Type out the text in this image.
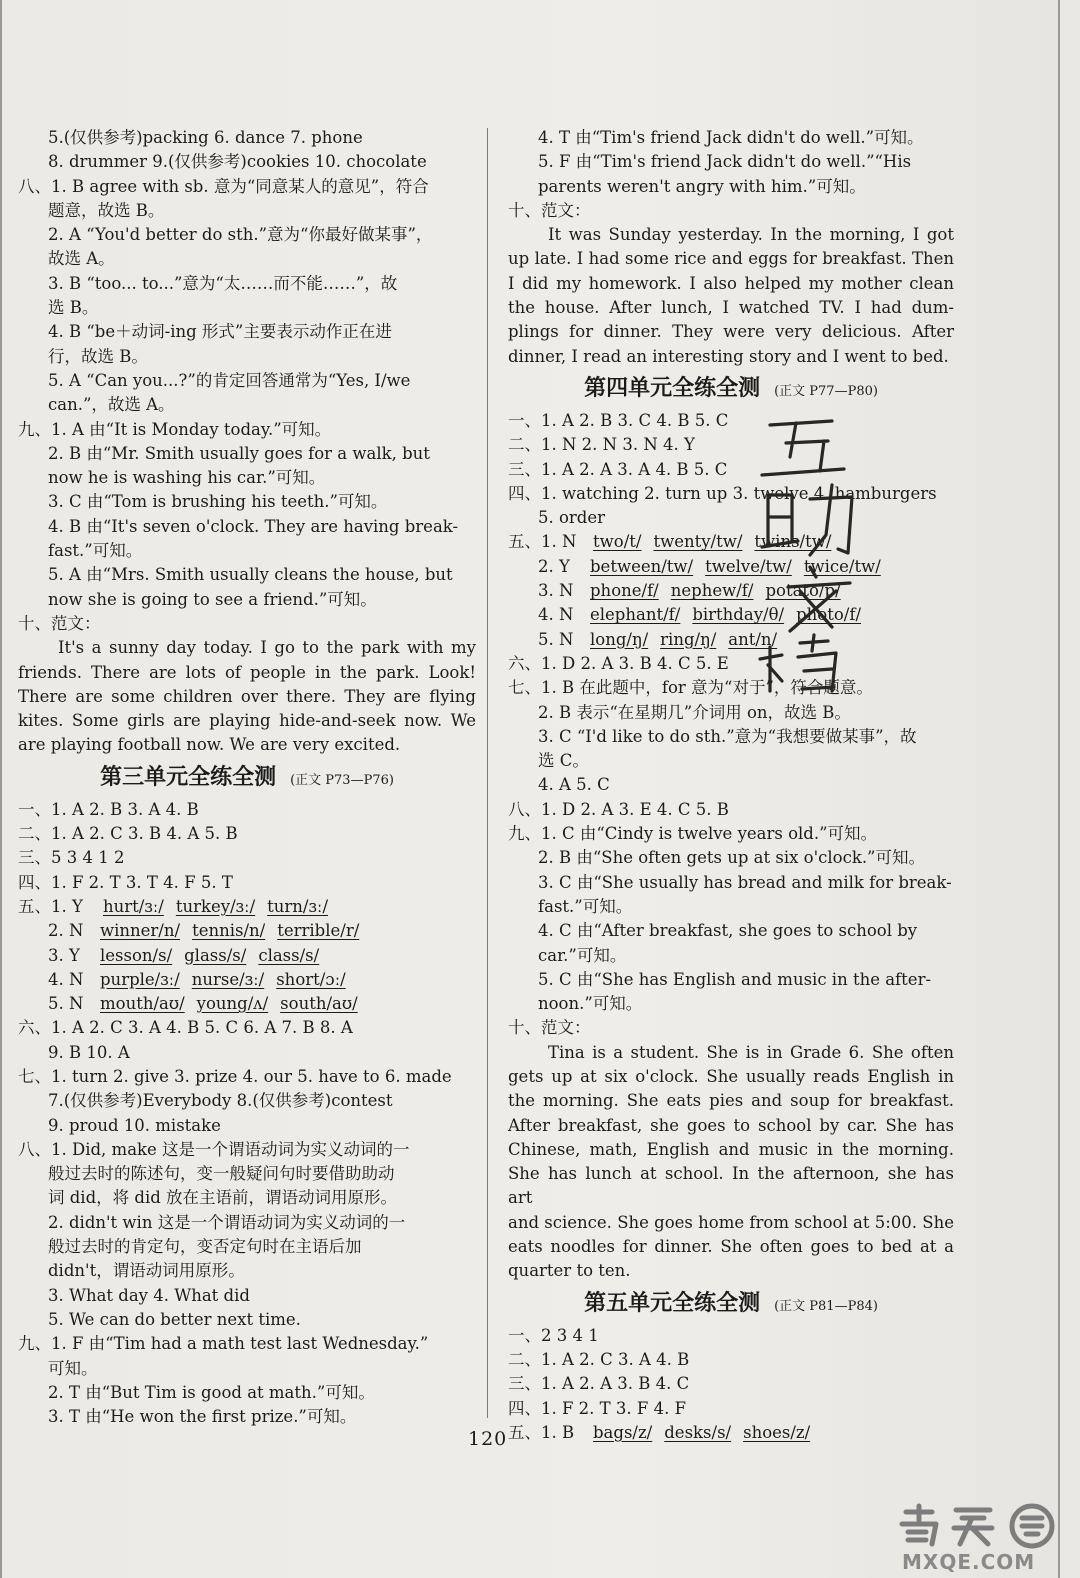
5.(仅供参考)packing 6. dance 7. phone
8. drummer 9.(仅供参考)cookies 10. chocolate
八、1. B agree with sb. 意为“同意某人的意见”，符合
题意，故选 B。
2. A “You'd better do sth.”意为“你最好做某事”，
故选 A。
3. B “too... to...”意为“太……而不能……”，故
选 B。
4. B “be＋动词-ing 形式”主要表示动作正在进
行，故选 B。
5. A “Can you...?”的肯定回答通常为“Yes, I/we
can.”，故选 A。
九、1. A 由“It is Monday today.”可知。
2. B 由“Mr. Smith usually goes for a walk, but
now he is washing his car.”可知。
3. C 由“Tom is brushing his teeth.”可知。
4. B 由“It's seven o'clock. They are having break-
fast.”可知。
5. A 由“Mrs. Smith usually cleans the house, but
now she is going to see a friend.”可知。
十、范文：
It's a sunny day today. I go to the park with my
friends. There are lots of people in the park. Look!
There are some children over there. They are flying
kites. Some girls are playing hide-and-seek now. We
are playing football now. We are very excited.
第三单元全练全测 (正文 P73—P76)
一、1. A 2. B 3. A 4. B
二、1. A 2. C 3. B 4. A 5. B
三、5 3 4 1 2
四、1. F 2. T 3. T 4. F 5. T
五、1. Y hurt/ɜː/ turkey/ɜː/ turn/ɜː/
2. N winner/n/ tennis/n/ terrible/r/
3. Y lesson/s/ glass/s/ class/s/
4. N purple/ɜː/ nurse/ɜː/ short/ɔː/
5. N mouth/aʊ/ young/ʌ/ south/aʊ/
六、1. A 2. C 3. A 4. B 5. C 6. A 7. B 8. A
9. B 10. A
七、1. turn 2. give 3. prize 4. our 5. have to 6. made
7.(仅供参考)Everybody 8.(仅供参考)contest
9. proud 10. mistake
八、1. Did, make 这是一个谓语动词为实义动词的一
般过去时的陈述句，变一般疑问句时要借助助动
词 did，将 did 放在主语前，谓语动词用原形。
2. didn't win 这是一个谓语动词为实义动词的一
般过去时的肯定句，变否定句时在主语后加
didn't，谓语动词用原形。
3. What day 4. What did
5. We can do better next time.
九、1. F 由“Tim had a math test last Wednesday.”
可知。
2. T 由“But Tim is good at math.”可知。
3. T 由“He won the first prize.”可知。
4. T 由“Tim's friend Jack didn't do well.”可知。
5. F 由“Tim's friend Jack didn't do well.”“His
parents weren't angry with him.”可知。
十、范文：
It was Sunday yesterday. In the morning, I got
up late. I had some rice and eggs for breakfast. Then
I did my homework. I also helped my mother clean
the house. After lunch, I watched TV. I had dum-
plings for dinner. They were very delicious. After
dinner, I read an interesting story and I went to bed.
第四单元全练全测 (正文 P77—P80)
一、1. A 2. B 3. C 4. B 5. C
二、1. N 2. N 3. N 4. Y
三、1. A 2. A 3. A 4. B 5. C
四、1. watching 2. turn up 3. twelve 4. hamburgers
5. order
五、1. N two/t/ twenty/tw/ twins/tw/
2. Y between/tw/ twelve/tw/ twice/tw/
3. N phone/f/ nephew/f/ potato/p/
4. N elephant/f/ birthday/θ/ photo/f/
5. N long/ŋ/ ring/ŋ/ ant/n/
六、1. D 2. A 3. B 4. C 5. E
七、1. B 在此题中，for 意为“对于”，符合题意。
2. B 表示“在星期几”介词用 on，故选 B。
3. C “I'd like to do sth.”意为“我想要做某事”，故
选 C。
4. A 5. C
八、1. D 2. A 3. E 4. C 5. B
九、1. C 由“Cindy is twelve years old.”可知。
2. B 由“She often gets up at six o'clock.”可知。
3. C 由“She usually has bread and milk for break-
fast.”可知。
4. C 由“After breakfast, she goes to school by
car.”可知。
5. C 由“She has English and music in the after-
noon.”可知。
十、范文：
Tina is a student. She is in Grade 6. She often
gets up at six o'clock. She usually reads English in
the morning. She eats pies and soup for breakfast.
After breakfast, she goes to school by car. She has
Chinese, math, English and music in the morning.
She has lunch at school. In the afternoon, she has art
and science. She goes home from school at 5:00. She
eats noodles for dinner. She often goes to bed at a
quarter to ten.
第五单元全练全测 (正文 P81—P84)
一、2 3 4 1
二、1. A 2. C 3. A 4. B
三、1. A 2. A 3. B 4. C
四、1. F 2. T 3. F 4. F
五、1. B bags/z/ desks/s/ shoes/z/
120
MXQE.COM
